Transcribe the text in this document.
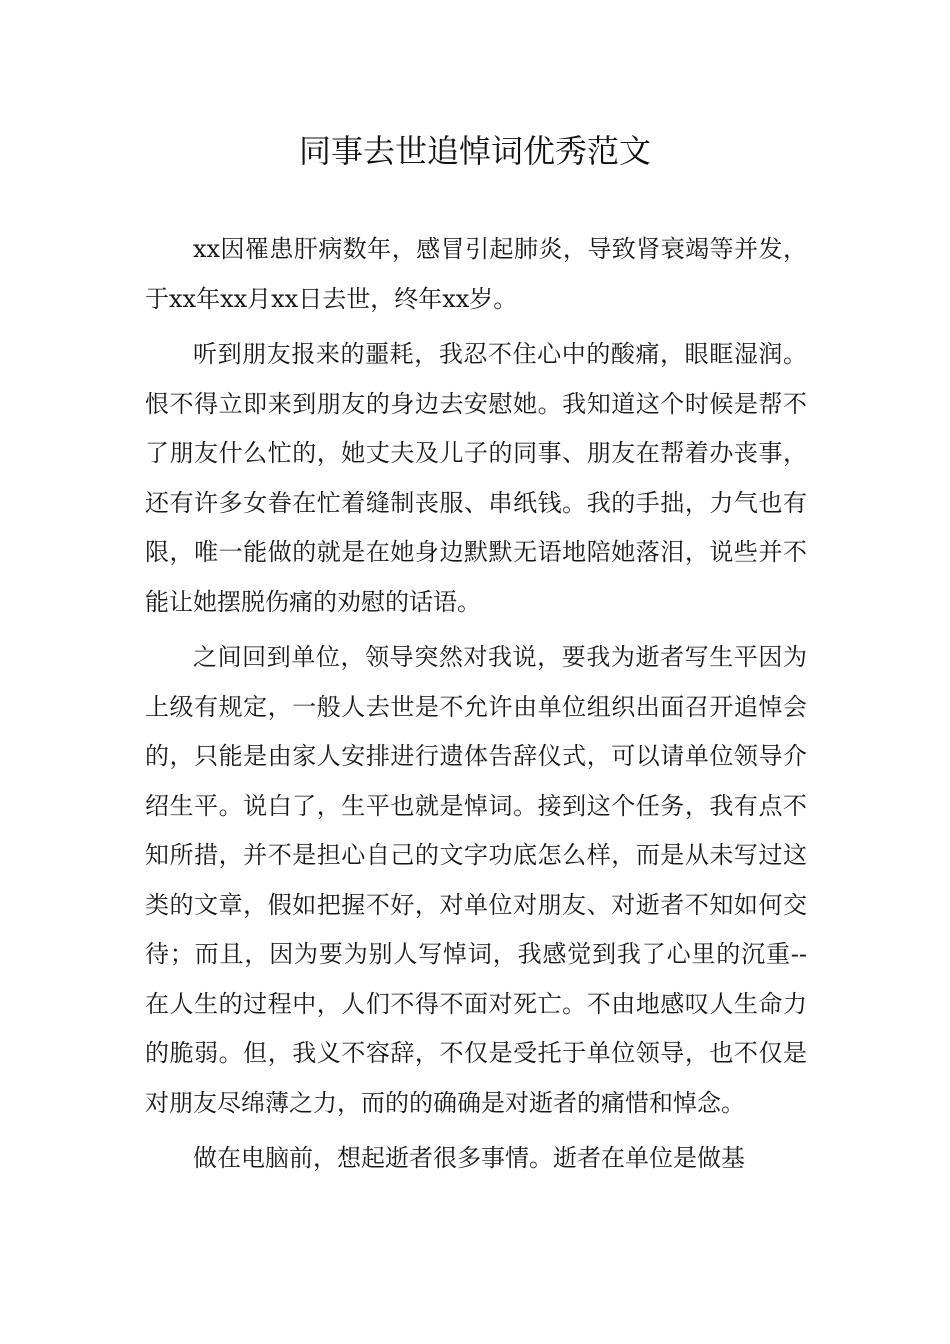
同事去世追悼词优秀范文

xx因罹患肝病数年，感冒引起肺炎，导致肾衰竭等并发，于xx年xx月xx日去世，终年xx岁。

听到朋友报来的噩耗，我忍不住心中的酸痛，眼眶湿润。恨不得立即来到朋友的身边去安慰她。我知道这个时候是帮不了朋友什么忙的，她丈夫及儿子的同事、朋友在帮着办丧事，还有许多女眷在忙着缝制丧服、串纸钱。我的手拙，力气也有限，唯一能做的就是在她身边默默无语地陪她落泪，说些并不能让她摆脱伤痛的劝慰的话语。

之间回到单位，领导突然对我说，要我为逝者写生平因为上级有规定，一般人去世是不允许由单位组织出面召开追悼会的，只能是由家人安排进行遗体告辞仪式，可以请单位领导介绍生平。说白了，生平也就是悼词。接到这个任务，我有点不知所措，并不是担心自己的文字功底怎么样，而是从未写过这类的文章，假如把握不好，对单位对朋友、对逝者不知如何交待；而且，因为要为别人写悼词，我感觉到我了心里的沉重--在人生的过程中，人们不得不面对死亡。不由地感叹人生命力的脆弱。但，我义不容辞，不仅是受托于单位领导，也不仅是对朋友尽绵薄之力，而的的确确是对逝者的痛惜和悼念。

做在电脑前，想起逝者很多事情。逝者在单位是做基
